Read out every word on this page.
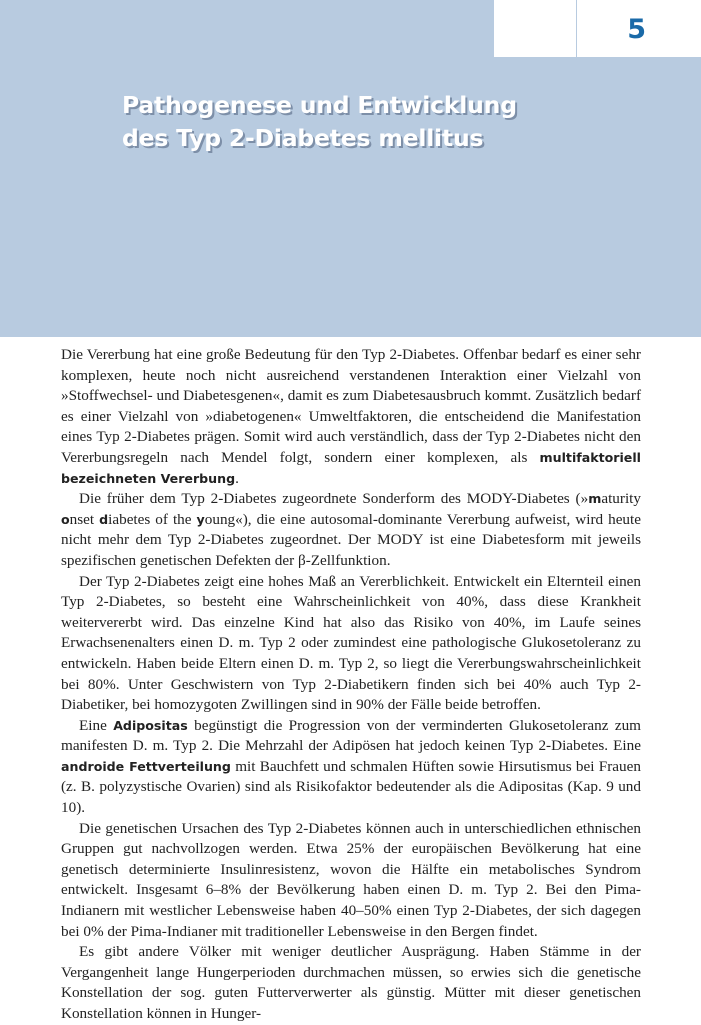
5
Pathogenese und Entwicklung
des Typ 2-Diabetes mellitus

Die Vererbung hat eine große Bedeutung für den Typ 2-Diabetes. Offenbar bedarf es einer sehr komplexen, heute noch nicht ausreichend verstandenen Interaktion einer Vielzahl von »Stoffwechsel- und Diabetesgenen«, damit es zum Diabetesausbruch kommt. Zusätzlich bedarf es einer Vielzahl von »diabetogenen« Umweltfaktoren, die entscheidend die Manifestation eines Typ 2-Diabetes prägen. Somit wird auch verständlich, dass der Typ 2-Diabetes nicht den Vererbungsregeln nach Mendel folgt, sondern einer komplexen, als multifaktoriell bezeichneten Vererbung.

Die früher dem Typ 2-Diabetes zugeordnete Sonderform des MODY-Diabetes (»maturity onset diabetes of the young«), die eine autosomal-dominante Vererbung aufweist, wird heute nicht mehr dem Typ 2-Diabetes zugeordnet. Der MODY ist eine Diabetesform mit jeweils spezifischen genetischen Defekten der β-Zellfunktion.

Der Typ 2-Diabetes zeigt eine hohes Maß an Vererblichkeit. Entwickelt ein Elternteil einen Typ 2-Diabetes, so besteht eine Wahrscheinlichkeit von 40%, dass diese Krankheit weitervererbt wird. Das einzelne Kind hat also das Risiko von 40%, im Laufe seines Erwachsenenalters einen D. m. Typ 2 oder zumindest eine pathologische Glukosetoleranz zu entwickeln. Haben beide Eltern einen D. m. Typ 2, so liegt die Vererbungswahrscheinlichkeit bei 80%. Unter Geschwistern von Typ 2-Diabetikern finden sich bei 40% auch Typ 2-Diabetiker, bei homozygoten Zwillingen sind in 90% der Fälle beide betroffen.

Eine Adipositas begünstigt die Progression von der verminderten Glukosetoleranz zum manifesten D. m. Typ 2. Die Mehrzahl der Adipösen hat jedoch keinen Typ 2-Diabetes. Eine androide Fettverteilung mit Bauchfett und schmalen Hüften sowie Hirsutismus bei Frauen (z. B. polyzystische Ovarien) sind als Risikofaktor bedeutender als die Adipositas (Kap. 9 und 10).

Die genetischen Ursachen des Typ 2-Diabetes können auch in unterschiedlichen ethnischen Gruppen gut nachvollzogen werden. Etwa 25% der europäischen Bevölkerung hat eine genetisch determinierte Insulinresistenz, wovon die Hälfte ein metabolisches Syndrom entwickelt. Insgesamt 6–8% der Bevölkerung haben einen D. m. Typ 2. Bei den Pima-Indianern mit westlicher Lebensweise haben 40–50% einen Typ 2-Diabetes, der sich dagegen bei 0% der Pima-Indianer mit traditioneller Lebensweise in den Bergen findet.

Es gibt andere Völker mit weniger deutlicher Ausprägung. Haben Stämme in der Vergangenheit lange Hungerperioden durchmachen müssen, so erwies sich die genetische Konstellation der sog. guten Futterverwerter als günstig. Mütter mit dieser genetischen Konstellation können in Hunger-
